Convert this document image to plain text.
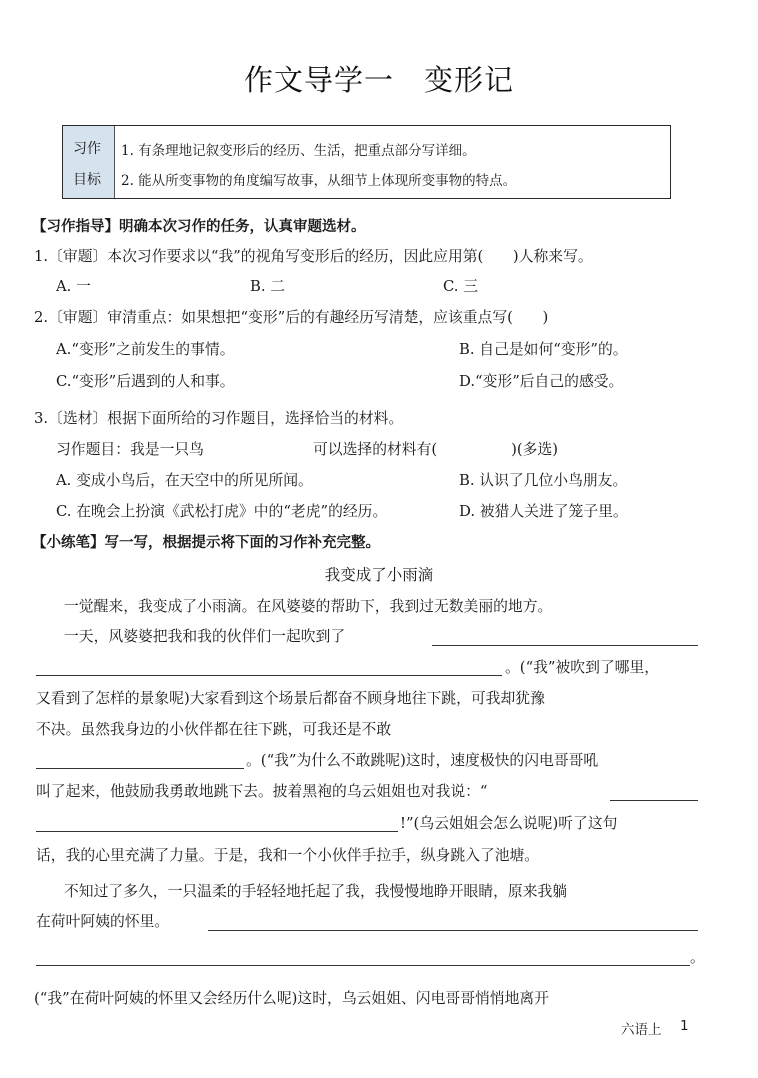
作文导学一　变形记
习作
目标
1. 有条理地记叙变形后的经历、生活，把重点部分写详细。
2. 能从所变事物的角度编写故事，从细节上体现所变事物的特点。
【习作指导】明确本次习作的任务，认真审题选材。
1.〔审题〕本次习作要求以“我”的视角写变形后的经历，因此应用第(　　)人称来写。
A. 一	B. 二	C. 三
2.〔审题〕审清重点：如果想把“变形”后的有趣经历写清楚，应该重点写(　　)
A.“变形”之前发生的事情。	B. 自己是如何“变形”的。
C.“变形”后遇到的人和事。	D.“变形”后自己的感受。
3.〔选材〕根据下面所给的习作题目，选择恰当的材料。
习作题目：我是一只鸟	可以选择的材料有(　　　　　)(多选)
A. 变成小鸟后，在天空中的所见所闻。	B. 认识了几位小鸟朋友。
C. 在晚会上扮演《武松打虎》中的“老虎”的经历。	D. 被猎人关进了笼子里。
【小练笔】写一写，根据提示将下面的习作补充完整。
我变成了小雨滴
一觉醒来，我变成了小雨滴。在风婆婆的帮助下，我到过无数美丽的地方。
一天，风婆婆把我和我的伙伴们一起吹到了
。(“我”被吹到了哪里，
又看到了怎样的景象呢)大家看到这个场景后都奋不顾身地往下跳，可我却犹豫
不决。虽然我身边的小伙伴都在往下跳，可我还是不敢
。(“我”为什么不敢跳呢)这时，速度极快的闪电哥哥吼
叫了起来，他鼓励我勇敢地跳下去。披着黑袍的乌云姐姐也对我说：“
!”(乌云姐姐会怎么说呢)听了这句
话，我的心里充满了力量。于是，我和一个小伙伴手拉手，纵身跳入了池塘。
不知过了多久，一只温柔的手轻轻地托起了我，我慢慢地睁开眼睛，原来我躺
在荷叶阿姨的怀里。
。
(“我”在荷叶阿姨的怀里又会经历什么呢)这时，乌云姐姐、闪电哥哥悄悄地离开
六语上 1
